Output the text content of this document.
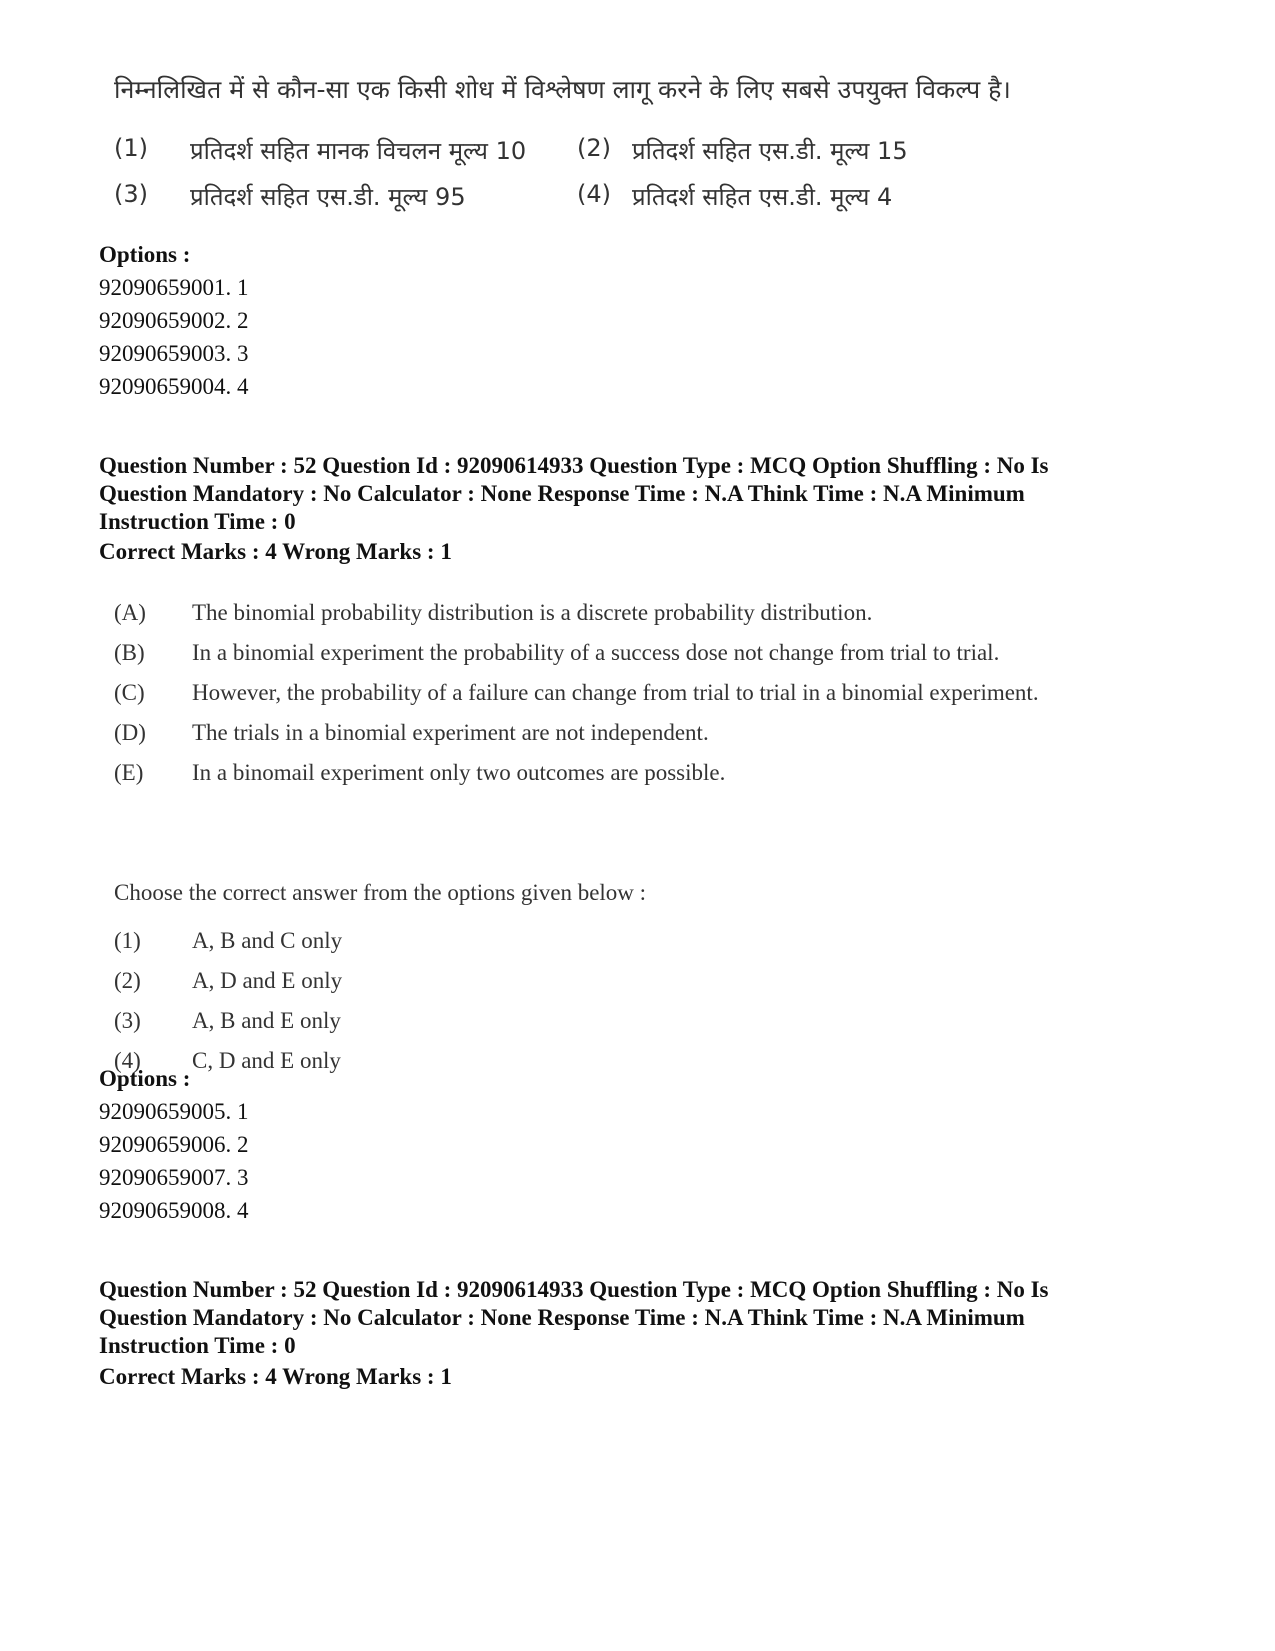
निम्नलिखित में से कौन-सा एक किसी शोध में विश्लेषण लागू करने के लिए सबसे उपयुक्त विकल्प है।
(1) प्रतिदर्श सहित मानक विचलन मूल्य 10 (2) प्रतिदर्श सहित एस.डी. मूल्य 15
(3) प्रतिदर्श सहित एस.डी. मूल्य 95	(4) प्रतिदर्श सहित एस.डी. मूल्य 4
Options :
92090659001. 1
92090659002. 2
92090659003. 3
92090659004. 4
Question Number : 52 Question Id : 92090614933 Question Type : MCQ Option Shuffling : No Is
Question Mandatory : No Calculator : None Response Time : N.A Think Time : N.A Minimum
Instruction Time : 0
Correct Marks : 4 Wrong Marks : 1
(A) The binomial probability distribution is a discrete probability distribution.
(B) In a binomial experiment the probability of a success dose not change from trial to trial.
(C) However, the probability of a failure can change from trial to trial in a binomial experiment.
(D) The trials in a binomial experiment are not independent.
(E) In a binomail experiment only two outcomes are possible.
Choose the correct answer from the options given below :
(1) A, B and C only
(2) A, D and E only
(3) A, B and E only
(4) C, D and E only
Options :
92090659005. 1
92090659006. 2
92090659007. 3
92090659008. 4
Question Number : 52 Question Id : 92090614933 Question Type : MCQ Option Shuffling : No Is
Question Mandatory : No Calculator : None Response Time : N.A Think Time : N.A Minimum
Instruction Time : 0
Correct Marks : 4 Wrong Marks : 1
